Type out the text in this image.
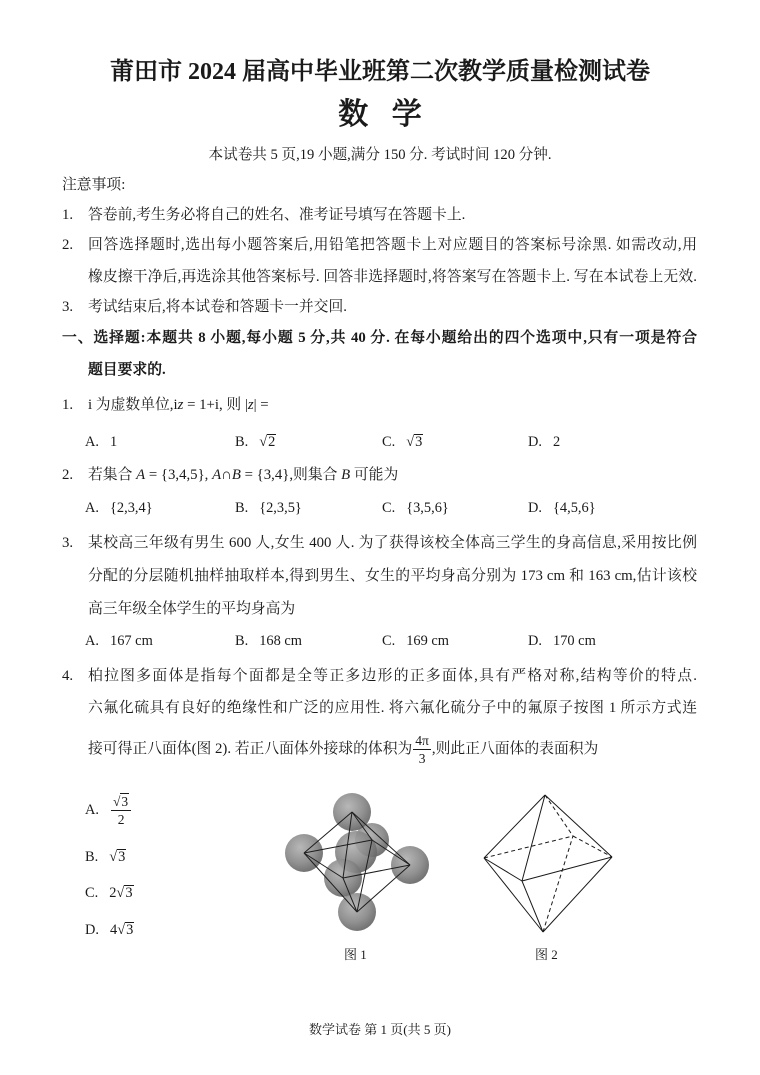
莆田市 2024 届高中毕业班第二次教学质量检测试卷
数 学
本试卷共 5 页,19 小题,满分 150 分. 考试时间 120 分钟.
注意事项:
1. 答卷前,考生务必将自己的姓名、准考证号填写在答题卡上.
2. 回答选择题时,选出每小题答案后,用铅笔把答题卡上对应题目的答案标号涂黑. 如需改动,用
橡皮擦干净后,再选涂其他答案标号. 回答非选择题时,将答案写在答题卡上. 写在本试卷上无效.
3. 考试结束后,将本试卷和答题卡一并交回.
一、选择题:本题共 8 小题,每小题 5 分,共 40 分. 在每小题给出的四个选项中,只有一项是符合
题目要求的.
1. i 为虚数单位,iz = 1+i, 则 |z| =
A. 1	B. √2	C. √3	D. 2
2. 若集合 A = {3,4,5}, A∩B = {3,4},则集合 B 可能为
A. {2,3,4}	B. {2,3,5}	C. {3,5,6}	D. {4,5,6}
3. 某校高三年级有男生 600 人,女生 400 人. 为了获得该校全体高三学生的身高信息,采用按比例
分配的分层随机抽样抽取样本,得到男生、女生的平均身高分别为 173 cm 和 163 cm,估计该校
高三年级全体学生的平均身高为
A. 167 cm	B. 168 cm	C. 169 cm	D. 170 cm
4. 柏拉图多面体是指每个面都是全等正多边形的正多面体,具有严格对称,结构等价的特点.
六氟化硫具有良好的绝缘性和广泛的应用性. 将六氟化硫分子中的氟原子按图 1 所示方式连
接可得正八面体(图 2). 若正八面体外接球的体积为 $\frac{4\pi}{3}$ ,则此正八面体的表面积为
A. $\frac{√3}{2}$
B. √3
C. 2√3
D. 4√3
图 1	图 2
数学试卷 第 1 页(共 5 页)
